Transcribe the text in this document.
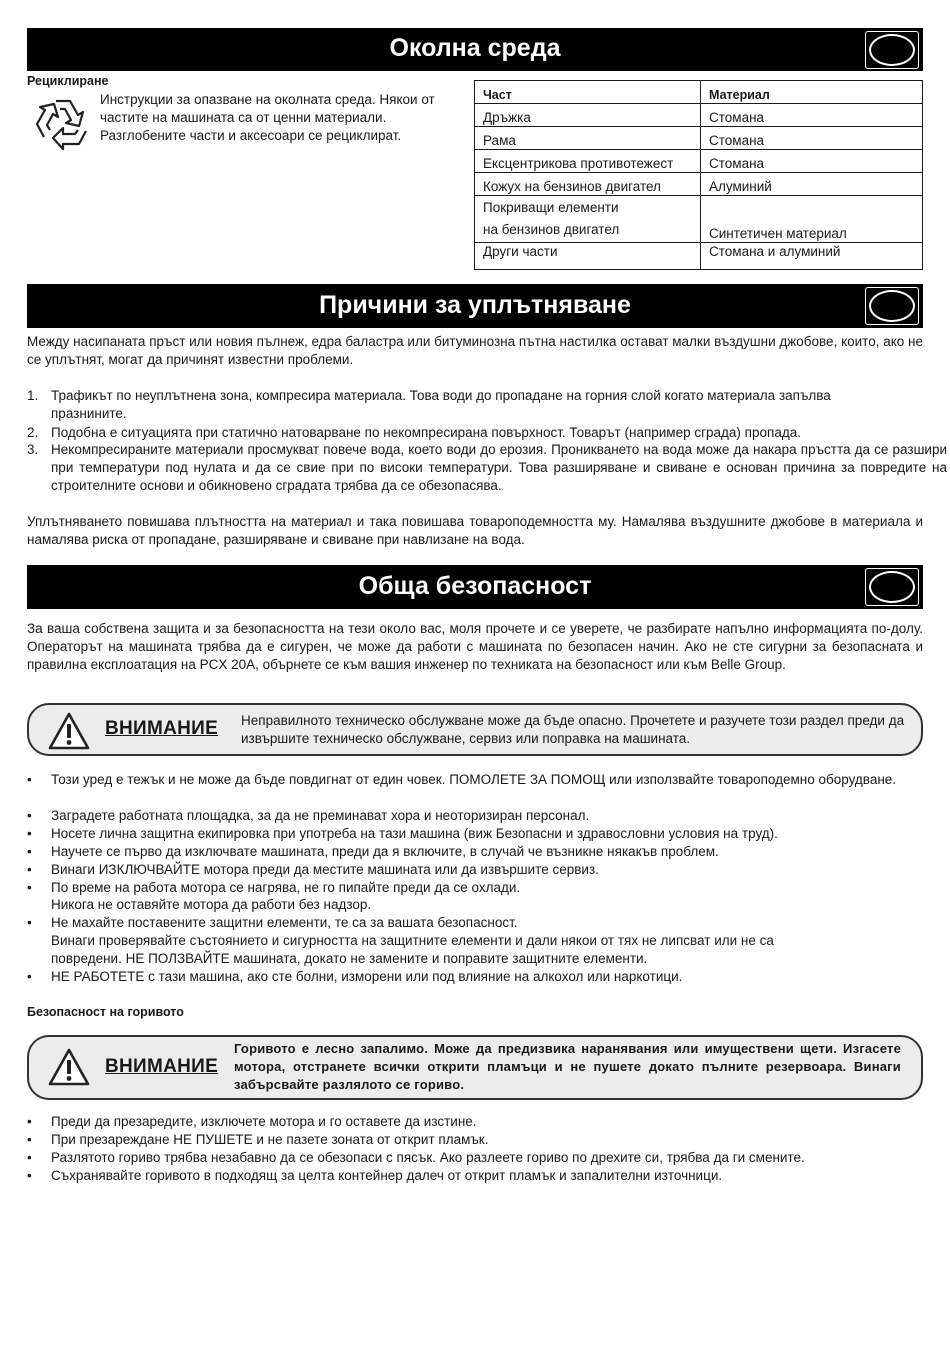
Околна среда
Рециклиране
Инструкции за опазване на околната среда. Някои от частите на машината са от ценни материали. Разглобените части и аксесоари се рециклират.
Част	Материал
Дръжка	Стомана
Рама	Стомана
Ексцентрикова противотежест	Стомана
Кожух на бензинов двигател	Алуминий
Покриващи елементи
на бензинов двигател	Синтетичен материал
Други части	Стомана и алуминий
Причини за уплътняване
Между насипаната пръст или новия пълнеж, едра баластра или битуминозна пътна настилка остават малки въздушни джобове, които, ако не се уплътнят, могат да причинят известни проблеми.
1. Трафикът по неуплътнена зона, компресира материала. Това води до пропадане на горния слой когато материала запълва празнините.
2. Подобна е ситуацията при статично натоварване по некомпресирана повърхност. Товарът (например сграда) пропада.
3. Некомпресираните материали просмукват повече вода, което води до ерозия. Проникването на вода може да накара пръстта да се разшири при температури под нулата и да се свие при по високи температури. Това разширяване и свиване е основан причина за повредите на строителните основи и обикновено сградата трябва да се обезопасява.
Уплътняването повишава плътността на материал и така повишава товароподемността му. Намалява въздушните джобове в материала и намалява риска от пропадане, разширяване и свиване при навлизане на вода.
Обща безопасност
За ваша собствена защита и за безопасността на тези около вас, моля прочете и се уверете, че разбирате напълно информацията по-долу. Операторът на машината трябва да е сигурен, че може да работи с машината по безопасен начин. Ако не сте сигурни за безопасната и правилна експлоатация на PCX 20A, обърнете се към вашия инженер по техниката на безопасност или към Belle Group.
ВНИМАНИЕ Неправилното техническо обслужване може да бъде опасно. Прочетете и разучете този раздел преди да извършите техническо обслужване, сервиз или поправка на машината.
• Този уред е тежък и не може да бъде повдигнат от един човек. ПОМОЛЕТЕ ЗА ПОМОЩ или използвайте товароподемно оборудване.
• Заградете работната площадка, за да не преминават хора и неоторизиран персонал.
• Носете лична защитна екипировка при употреба на тази машина (виж Безопасни и здравословни условия на труд).
• Научете се първо да изключвате машината, преди да я включите, в случай че възникне някакъв проблем.
• Винаги ИЗКЛЮЧВАЙТЕ мотора преди да местите машината или да извършите сервиз.
• По време на работа мотора се нагрява, не го пипайте преди да се охлади.
Никога не оставяйте мотора да работи без надзор.
• Не махайте поставените защитни елементи, те са за вашата безопасност.
Винаги проверявайте състоянието и сигурността на защитните елементи и дали някои от тях не липсват или не са
повредени. НЕ ПОЛЗВАЙТЕ машината, докато не замените и поправите защитните елементи.
• НЕ РАБОТЕТЕ с тази машина, ако сте болни, изморени или под влияние на алкохол или наркотици.
Безопасност на горивото
ВНИМАНИЕ
Горивото е лесно запалимо. Може да предизвика наранявания или имуществени щети. Изгасете мотора, отстранете всички открити пламъци и не пушете докато пълните резервоара. Винаги забърсвайте разлялото се гориво.
• Преди да презаредите, изключете мотора и го оставете да изстине.
• При презареждане НЕ ПУШЕТЕ и не пазете зоната от открит пламък.
• Разлятото гориво трябва незабавно да се обезопаси с пясък. Ако разлеете гориво по дрехите си, трябва да ги смените.
• Съхранявайте горивото в подходящ за целта контейнер далеч от открит пламък и запалителни източници.
